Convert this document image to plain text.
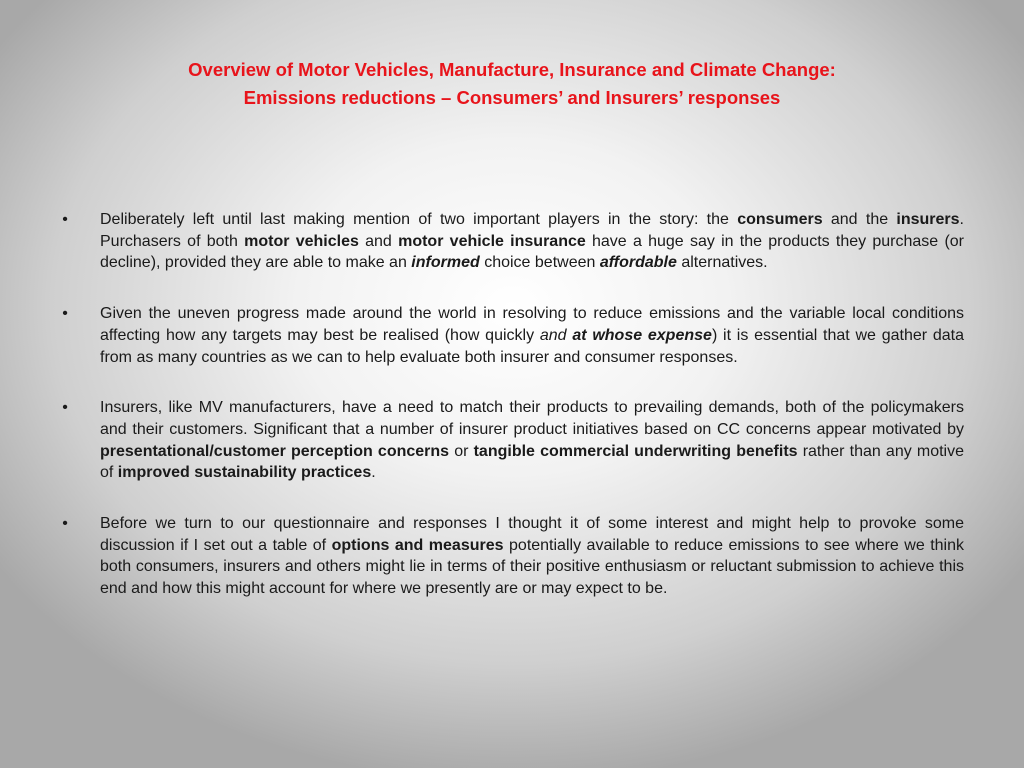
Overview of Motor Vehicles, Manufacture, Insurance and Climate Change:
Emissions reductions – Consumers’ and Insurers’ responses
• Deliberately left until last making mention of two important players in the story: the consumers and the insurers. Purchasers of both motor vehicles and motor vehicle insurance have a huge say in the products they purchase (or decline), provided they are able to make an informed choice between affordable alternatives.
• Given the uneven progress made around the world in resolving to reduce emissions and the variable local conditions affecting how any targets may best be realised (how quickly and at whose expense) it is essential that we gather data from as many countries as we can to help evaluate both insurer and consumer responses.
• Insurers, like MV manufacturers, have a need to match their products to prevailing demands, both of the policymakers and their customers. Significant that a number of insurer product initiatives based on CC concerns appear motivated by presentational/customer perception concerns or tangible commercial underwriting benefits rather than any motive of improved sustainability practices.
• Before we turn to our questionnaire and responses I thought it of some interest and might help to provoke some discussion if I set out a table of options and measures potentially available to reduce emissions to see where we think both consumers, insurers and others might lie in terms of their positive enthusiasm or reluctant submission to achieve this end and how this might account for where we presently are or may expect to be.
